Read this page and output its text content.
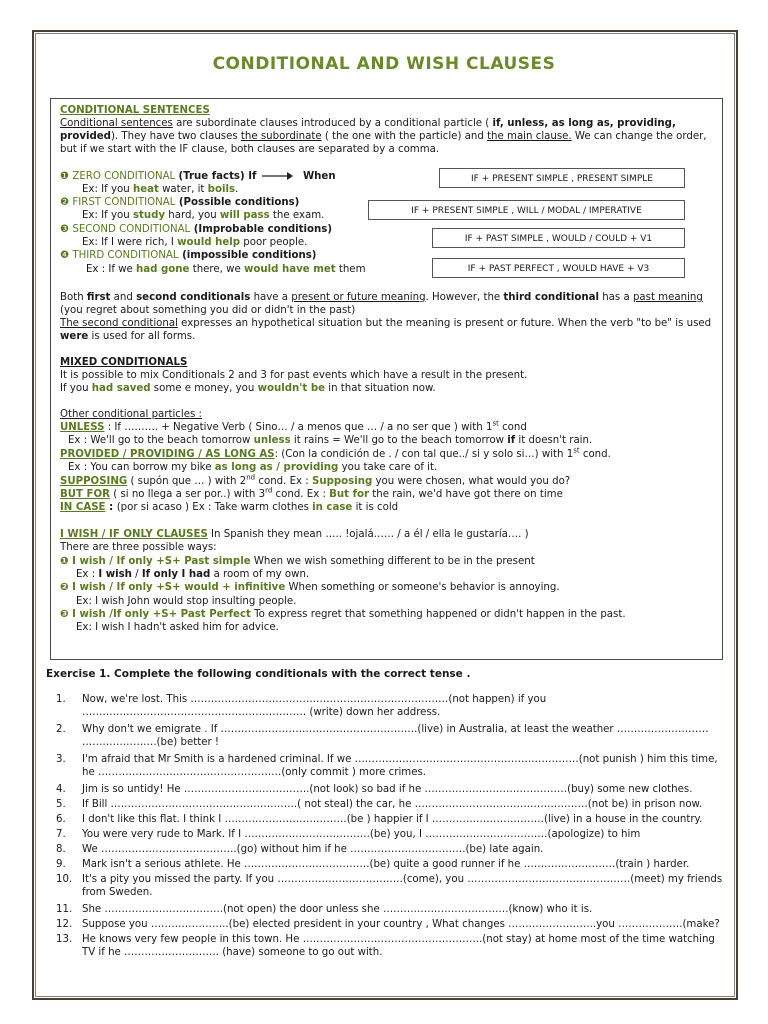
CONDITIONAL AND WISH CLAUSES
CONDITIONAL SENTENCES
Conditional sentences are subordinate clauses introduced by a conditional particle ( if, unless, as long as, providing,
provided). They have two clauses the subordinate ( the one with the particle) and the main clause. We can change the order,
but if we start with the IF clause, both clauses are separated by a comma.
❶ ZERO CONDITIONAL (True facts) If	When
Ex: If you heat water, it boils.
❷ FIRST CONDITIONAL (Possible conditions)
Ex: If you study hard, you will pass the exam.
❸ SECOND CONDITIONAL (Improbable conditions)
Ex: If I were rich, I would help poor people.
❹ THIRD CONDITIONAL (impossible conditions)
Ex : If we had gone there, we would have met them
IF + PRESENT SIMPLE , PRESENT SIMPLE
IF + PRESENT SIMPLE , WILL / MODAL / IMPERATIVE
IF + PAST SIMPLE , WOULD / COULD + V1
IF + PAST PERFECT , WOULD HAVE + V3
Both first and second conditionals have a present or future meaning. However, the third conditional has a past meaning
(you regret about something you did or didn't in the past)
The second conditional expresses an hypothetical situation but the meaning is present or future. When the verb "to be" is used
were is used for all forms.
MIXED CONDITIONALS
It is possible to mix Conditionals 2 and 3 for past events which have a result in the present.
If you had saved some e money, you wouldn't be in that situation now.
Other conditional particles :
UNLESS : If ………. + Negative Verb ( Sino… / a menos que … / a no ser que ) with 1st cond
Ex : We'll go to the beach tomorrow unless it rains = We'll go to the beach tomorrow if it doesn't rain.
PROVIDED / PROVIDING / AS LONG AS: (Con la condición de . / con tal que../ si y solo si…) with 1st cond.
Ex : You can borrow my bike as long as / providing you take care of it.
SUPPOSING ( supón que … ) with 2nd cond. Ex : Supposing you were chosen, what would you do?
BUT FOR ( si no llega a ser por..) with 3rd cond. Ex : But for the rain, we'd have got there on time
IN CASE : (por si acaso ) Ex : Take warm clothes in case it is cold
I WISH / IF ONLY CLAUSES In Spanish they mean ….. !ojalá…… / a él / ella le gustaría…. )
There are three possible ways:
❶ I wish / If only +S+ Past simple When we wish something different to be in the present
Ex : I wish / If only I had a room of my own.
❷ I wish / If only +S+ would + infinitive When something or someone's behavior is annoying.
Ex: I wish John would stop insulting people.
❸ I wish /If only +S+ Past Perfect To express regret that something happened or didn't happen in the past.
Ex: I wish I hadn't asked him for advice.
Exercise 1. Complete the following conditionals with the correct tense .
1. Now, we're lost. This …………………………………………………….……………(not happen) if you ………………………………………………………… (write) down her address.
2. Why don't we emigrate . If ………………………………………………….(live) in Australia, at least the weather ……………………… ………………….(be) better !
3. I'm afraid that Mr Smith is a hardened criminal. If we …………………………………………………………(not punish ) him this time, he ………………………………………………(only commit ) more crimes.
4. Jim is so untidy! He ……………………………….(not look) so bad if he ……………………………………(buy) some new clothes.
5. If Bill ……………………………………………….( not steal) the car, he ……………………………………………(not be) in prison now.
6. I don't like this flat. I think I ………………………………(be ) happier if I ……………………………(live) in a house in the country.
7. You were very rude to Mark. If I ……………………………….(be) you, I ………………………………(apologize) to him
8. We ………………………………….(go) without him if he …………………………….(be) late again.
9. Mark isn't a serious athlete. He ……………………………….(be) quite a good runner if he ………………………(train ) harder.
10. It's a pity you missed the party. If you ……………………………….(come), you …………………………………………(meet) my friends from Sweden.
11. She ……………………………..(not open) the door unless she ……………………………….(know) who it is.
12. Suppose you …………………..(be) elected president in your country , What changes ……………………..you ……………….(make?
13. He knows very few people in this town. He ……………………………………………..(not stay) at home most of the time watching TV if he ………………………. (have) someone to go out with.
